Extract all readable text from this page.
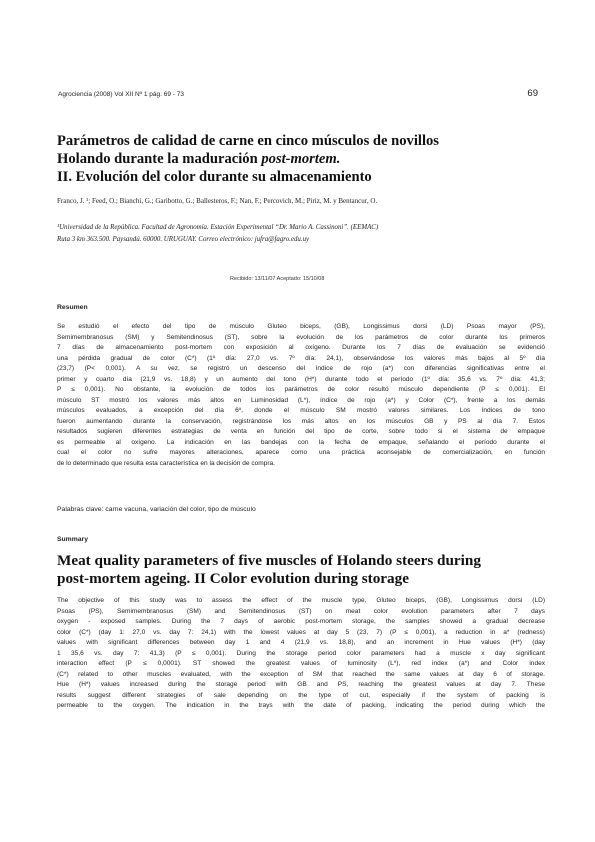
Agrociencia (2008) Vol XII Nº 1 pág. 69 - 73	69
Parámetros de calidad de carne en cinco músculos de novillos
Holando durante la maduración post-mortem.
II. Evolución del color durante su almacenamiento
Franco, J. ¹; Feed, O.; Bianchi, G.; Garibotto, G.; Ballesteros, F.; Nan, F.; Percovich, M.; Piriz, M. y Bentancur, O.
¹Universidad de la República. Facultad de Agronomía. Estación Experimental “Dr. Mario A. Cassinoni”. (EEMAC)
Ruta 3 km 363.500. Paysandú. 60000. URUGUAY. Correo electrónico: jufra@fagro.edu.uy
Recibido: 13/11/07 Aceptado: 15/10/08
Resumen
Se estudió el efecto del tipo de músculo Gluteo biceps, (GB), Longissimus dorsi (LD) Psoas mayor (PS),
Semimembranosus (SM) y Semitendinosus (ST), sobre la evolución de los parámetros de color durante los primeros
7 días de almacenamiento post-mortem con exposición al oxígeno. Durante los 7 días de evaluación se evidenció
una pérdida gradual de color (C*) (1º día: 27,0 vs. 7º día: 24,1), observándose los valores más bajos al 5º día
(23,7) (P< 0,001). A su vez, se registró un descenso del índice de rojo (a*) con diferencias significativas entre el
primer y cuarto día (21,9 vs. 18,8) y un aumento del tono (H*) durante todo el período (1º día: 35,6 vs. 7º día: 41,3;
P ≤ 0,001). No obstante, la evolución de todos los parámetros de color resultó músculo dependiente (P ≤ 0,001). El
músculo ST mostró los valores más altos en Luminosidad (L*), índice de rojo (a*) y Color (C*), frente a los demás
músculos evaluados, a excepción del día 6º, donde el músculo SM mostró valores similares. Los índices de tono
fueron aumentando durante la conservación, registrándose los más altos en los músculos GB y PS al día 7. Estos
resultados sugieren diferentes estrategias de venta en función del tipo de corte, sobre todo si el sistema de empaque
es permeable al oxígeno. La indicación en las bandejas con la fecha de empaque, señalando el período durante el
cual el color no sufre mayores alteraciones, aparece como una práctica aconsejable de comercialización, en función
de lo determinado que resulta esta característica en la decisión de compra.
Palabras clave: carne vacuna, variación del color, tipo de músculo
Summary
Meat quality parameters of five muscles of Holando steers during
post-mortem ageing. II Color evolution during storage
The objective of this study was to assess the effect of the muscle type, Gluteo biceps, (GB), Longissimus dorsi (LD)
Psoas (PS), Semimembranosus (SM) and Semitendinosus (ST) on meat color evolution parameters after 7 days
oxygen - exposed samples. During the 7 days of aerobic post-mortem storage, the samples showed a gradual decrease
color (C*) (day 1: 27,0 vs. day 7: 24,1) with the lowest values at day 5 (23, 7) (P ≤ 0,001), a reduction in a* (redness)
values with significant differences between day 1 and 4 (21,9 vs. 18,8), and an increment in Hue values (H*) (day
1 35,6 vs. day 7: 41,3) (P ≤ 0,001). During the storage period color parameters had a muscle x day significant
interaction effect (P ≤ 0,0001). ST showed the greatest values of luminosity (L*), red index (a*) and Color index
(C*) related to other muscles evaluated, with the exception of SM that reached the same values at day 6 of storage.
Hue (H*) values increased during the storage period with GB and PS, reaching the greatest values at day 7. These
results suggest different strategies of sale depending on the type of cut, especially if the system of packing is
permeable to the oxygen. The indication in the trays with the date of packing, indicating the period during which the
